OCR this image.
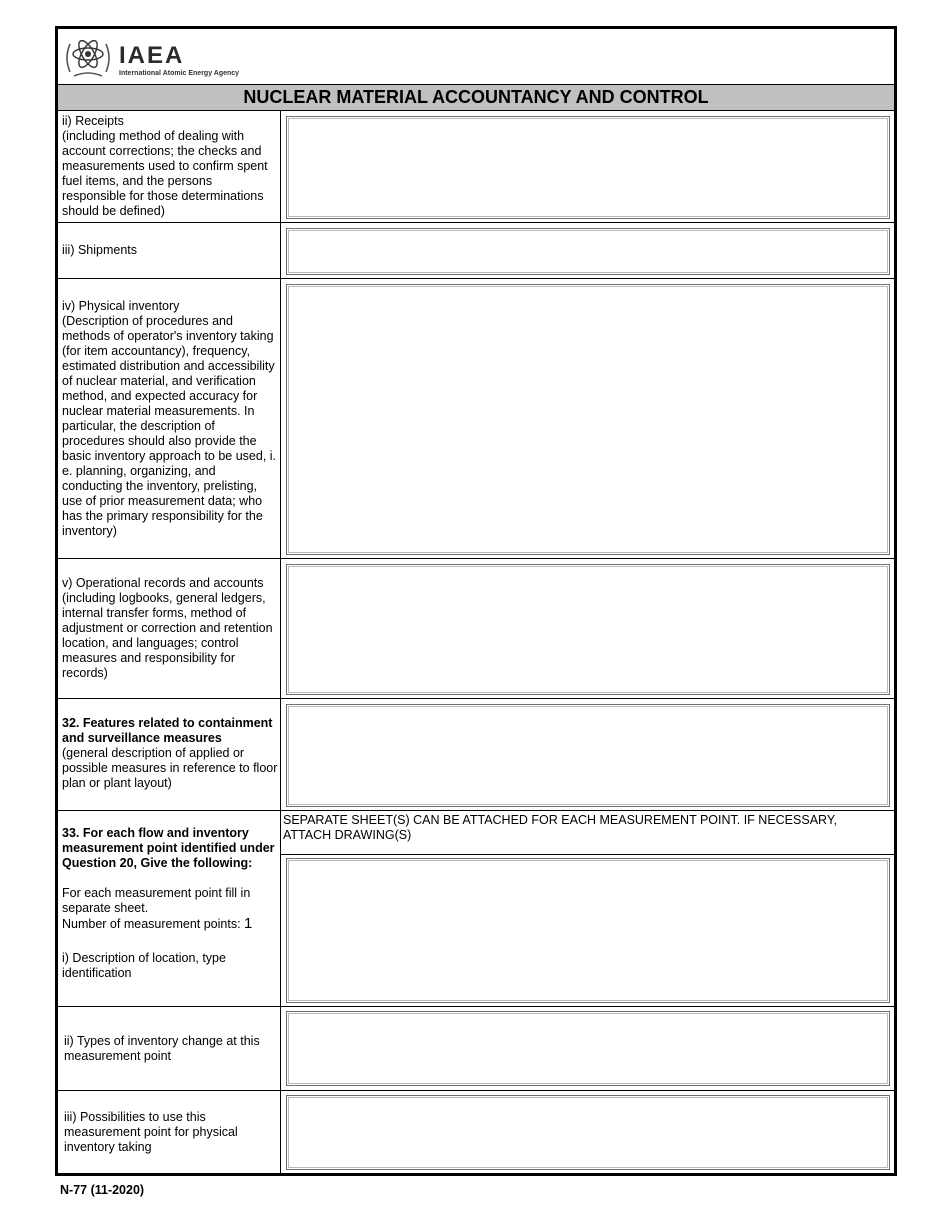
IAEA
International Atomic Energy Agency
NUCLEAR MATERIAL ACCOUNTANCY AND CONTROL
ii) Receipts
(including method of dealing with account corrections; the checks and measurements used to confirm spent fuel items, and the persons responsible for those determinations should be defined)
iii) Shipments
iv) Physical inventory
(Description of procedures and methods of operator's inventory taking (for item accountancy), frequency, estimated distribution and accessibility of nuclear material, and verification method, and expected accuracy for nuclear material measurements. In particular, the description of procedures should also provide the basic inventory approach to be used, i. e. planning, organizing, and conducting the inventory, prelisting, use of prior measurement data; who has the primary responsibility for the inventory)
v) Operational records and accounts
(including logbooks, general ledgers, internal transfer forms, method of adjustment or correction and retention location, and languages; control measures and responsibility for records)
32. Features related to containment and surveillance measures
(general description of applied or possible measures in reference to floor plan or plant layout)
33. For each flow and inventory measurement point identified under Question 20, Give the following:
For each measurement point fill in separate sheet.
Number of measurement points: 1
i) Description of location, type identification
SEPARATE SHEET(S) CAN BE ATTACHED FOR EACH MEASUREMENT POINT. IF NECESSARY, ATTACH DRAWING(S)
ii) Types of inventory change at this measurement point
iii) Possibilities to use this measurement point for physical inventory taking
N-77 (11-2020)
